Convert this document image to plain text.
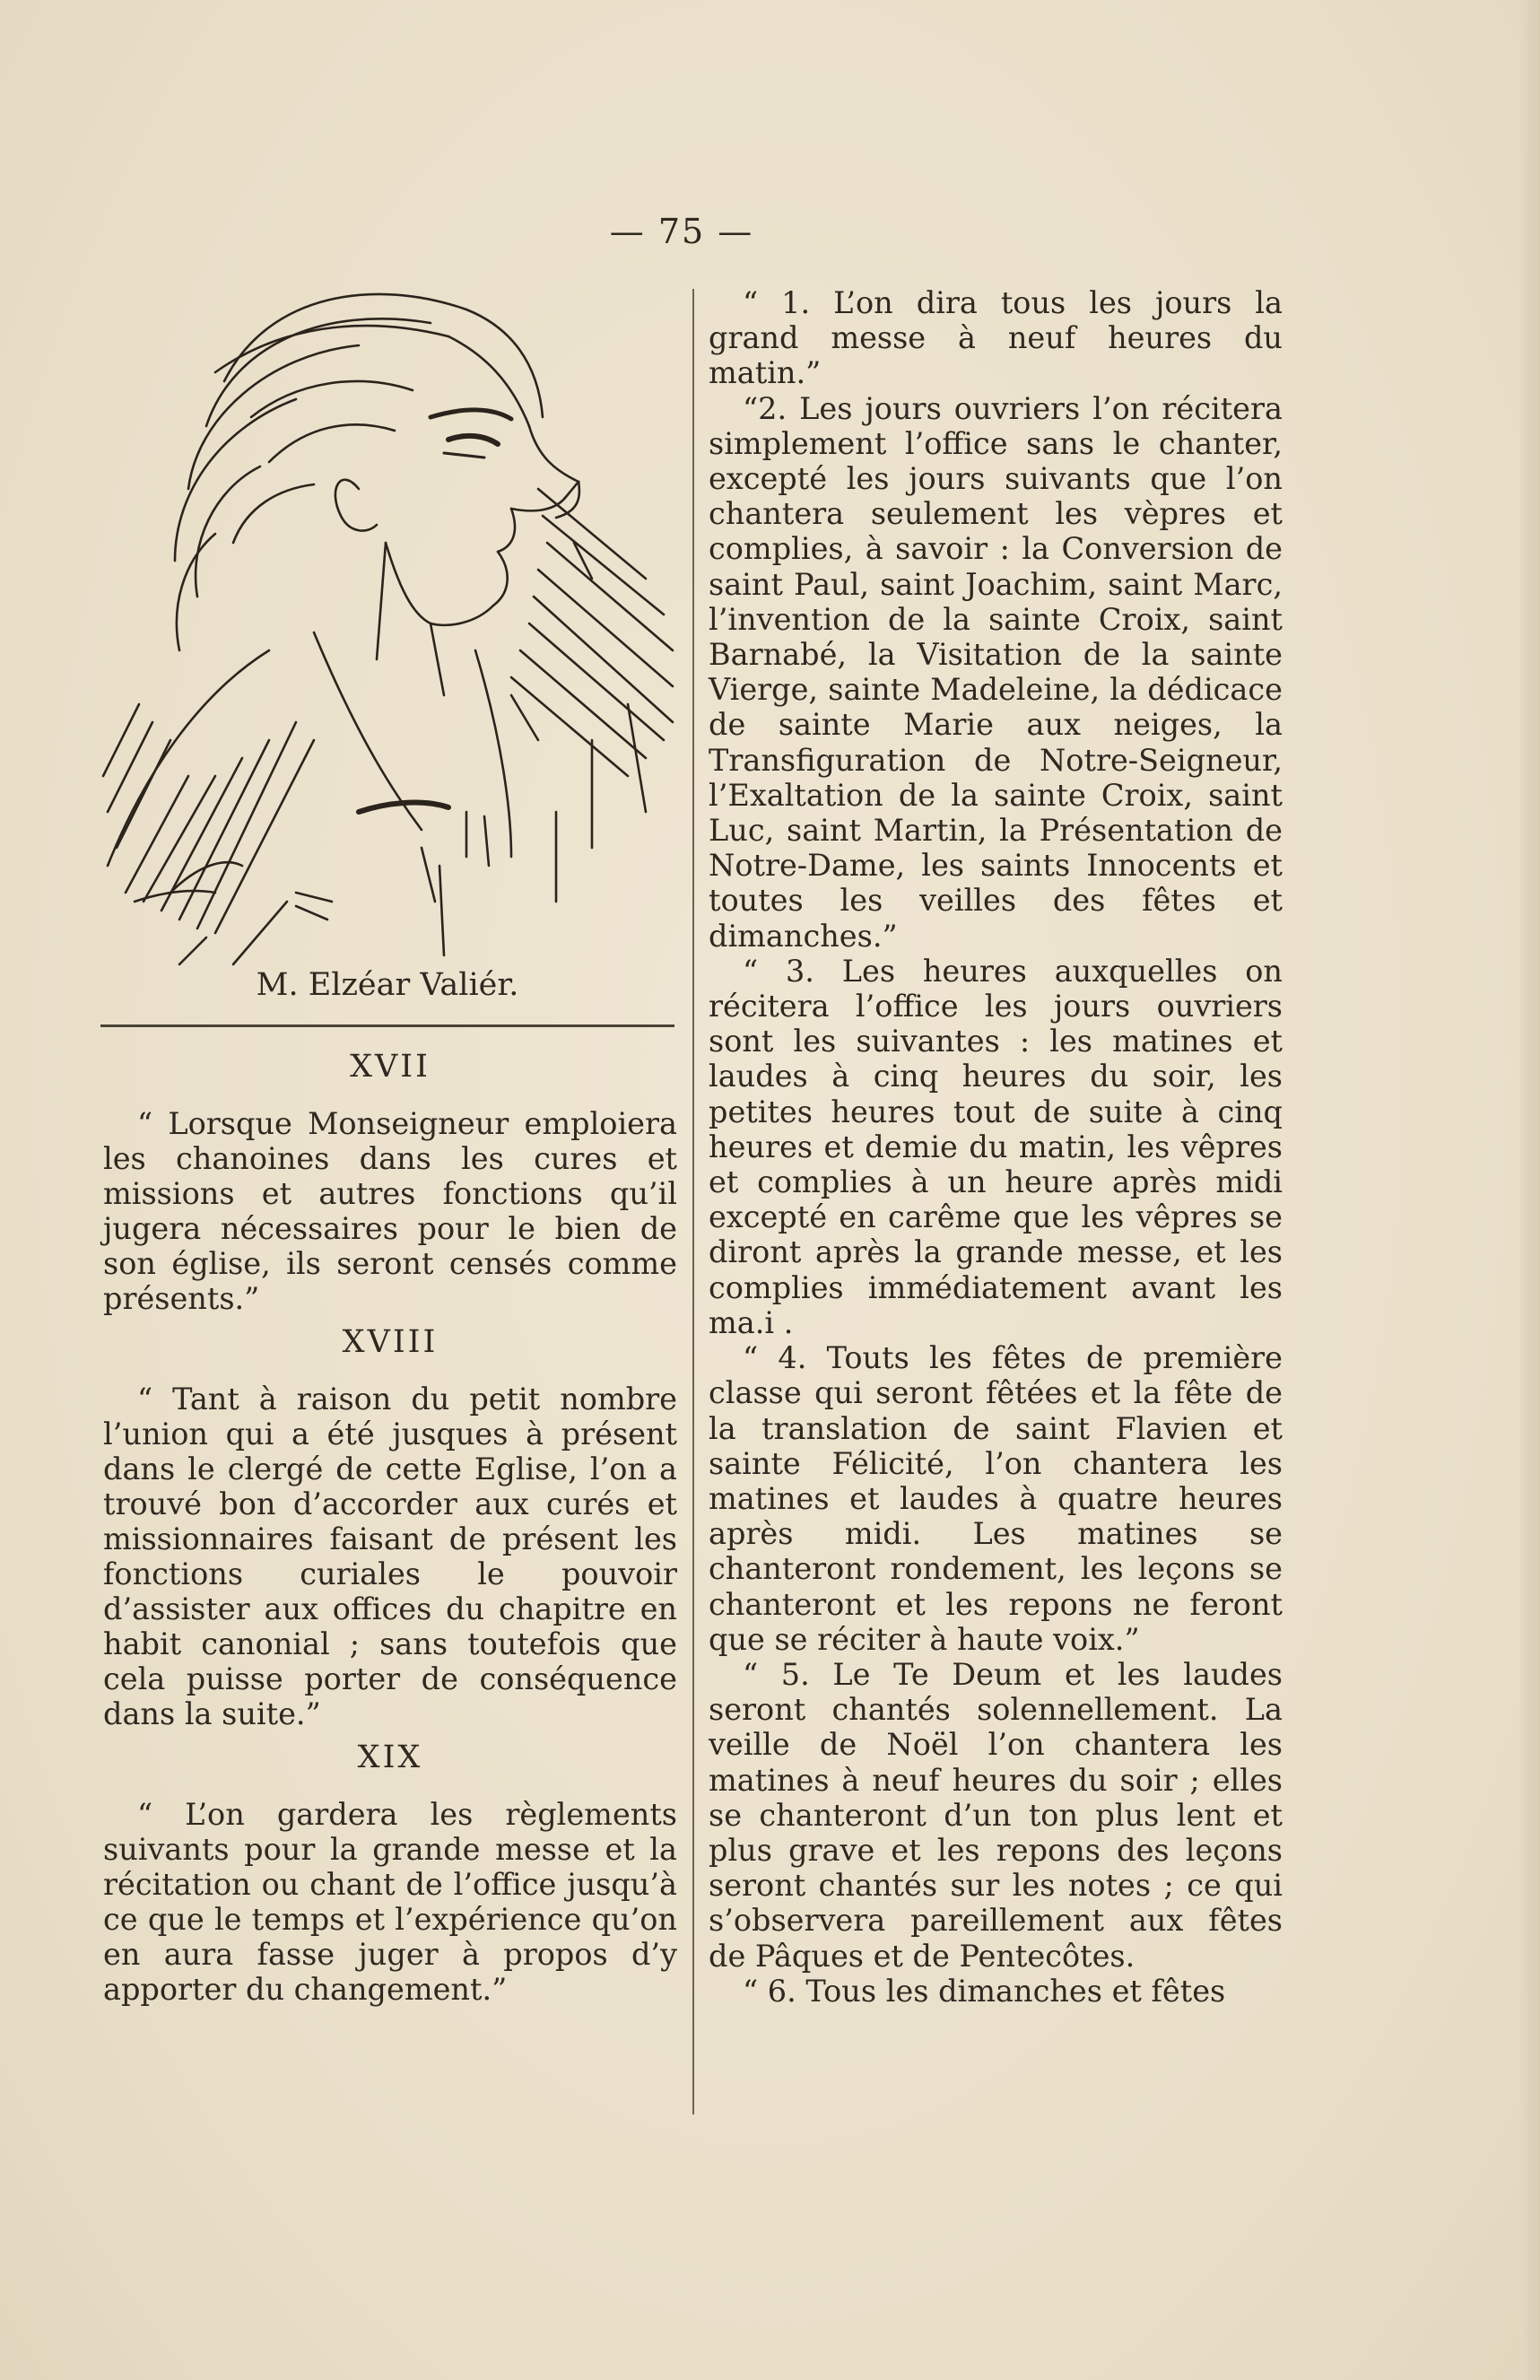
— 75 —
M. Elzéar Valiér.
XVII

“ Lorsque Monseigneur emploiera les chanoines dans les cures et missions et autres fonctions qu’il jugera nécessaires pour le bien de son église, ils seront censés comme présents.”

XVIII

“ Tant à raison du petit nombre l’union qui a été jusques à présent dans le clergé de cette Eglise, l’on a trouvé bon d’accorder aux curés et missionnaires faisant de présent les fonctions curiales le pouvoir d’assister aux offices du chapitre en habit canonial ; sans toutefois que cela puisse porter de conséquence dans la suite.”

XIX

“ L’on gardera les règlements suivants pour la grande messe et la récitation ou chant de l’office jusqu’à ce que le temps et l’expérience qu’on en aura fasse juger à propos d’y apporter du changement.”

“ 1. L’on dira tous les jours la grand messe à neuf heures du matin.”

“2. Les jours ouvriers l’on récitera simplement l’office sans le chanter, excepté les jours suivants que l’on chantera seulement les vèpres et complies, à savoir : la Conversion de saint Paul, saint Joachim, saint Marc, l’invention de la sainte Croix, saint Barnabé, la Visitation de la sainte Vierge, sainte Madeleine, la dédicace de sainte Marie aux neiges, la Transfiguration de Notre-Seigneur, l’Exaltation de la sainte Croix, saint Luc, saint Martin, la Présentation de Notre-Dame, les saints Innocents et toutes les veilles des fêtes et dimanches.”

“ 3. Les heures auxquelles on récitera l’office les jours ouvriers sont les suivantes : les matines et laudes à cinq heures du soir, les petites heures tout de suite à cinq heures et demie du matin, les vêpres et complies à un heure après midi excepté en carême que les vêpres se diront après la grande messe, et les complies immédiatement avant les ma.i .

“ 4. Touts les fêtes de première classe qui seront fêtées et la fête de la translation de saint Flavien et sainte Félicité, l’on chantera les matines et laudes à quatre heures après midi. Les matines se chanteront rondement, les leçons se chanteront et les repons ne feront que se réciter à haute voix.”

“ 5. Le Te Deum et les laudes seront chantés solennellement. La veille de Noël l’on chantera les matines à neuf heures du soir ; elles se chanteront d’un ton plus lent et plus grave et les repons des leçons seront chantés sur les notes ; ce qui s’observera pareillement aux fêtes de Pâques et de Pentecôtes.

“ 6. Tous les dimanches et fêtes
